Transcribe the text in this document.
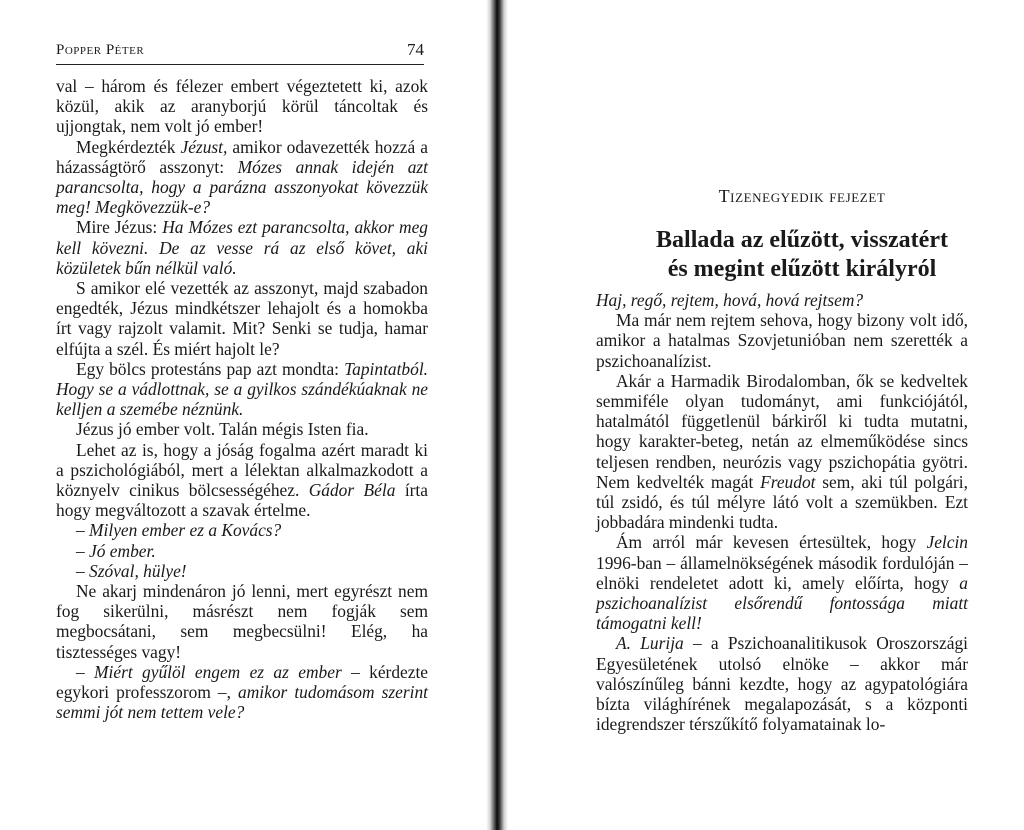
Popper Péter	74

val – három és félezer embert végeztetett ki, azok közül, akik az aranyborjú körül táncoltak és ujjongtak, nem volt jó ember!

Megkérdezték Jézust, amikor odavezették hozzá a házasságtörő asszonyt: Mózes annak idején azt parancsolta, hogy a parázna asszonyokat kövezzük meg! Megkövezzük-e?

Mire Jézus: Ha Mózes ezt parancsolta, akkor meg kell kövezni. De az vesse rá az első követ, aki közületek bűn nélkül való.

S amikor elé vezették az asszonyt, majd szabadon engedték, Jézus mindkétszer lehajolt és a homokba írt vagy rajzolt valamit. Mit? Senki se tudja, hamar elfújta a szél. És miért hajolt le?

Egy bölcs protestáns pap azt mondta: Tapintatból. Hogy se a vádlottnak, se a gyilkos szándékúaknak ne kelljen a szemébe néznünk.

Jézus jó ember volt. Talán mégis Isten fia.

Lehet az is, hogy a jóság fogalma azért maradt ki a pszichológiából, mert a lélektan alkalmazkodott a köznyelv cinikus bölcsességéhez. Gádor Béla írta hogy megváltozott a szavak értelme.

– Milyen ember ez a Kovács?

– Jó ember.

– Szóval, hülye!

Ne akarj mindenáron jó lenni, mert egyrészt nem fog sikerülni, másrészt nem fogják sem megbocsátani, sem megbecsülni! Elég, ha tisztességes vagy!

– Miért gyűlöl engem ez az ember – kérdezte egykori professzorom –, amikor tudomásom szerint semmi jót nem tettem vele?

Tizenegyedik fejezet
Ballada az elűzött, visszatért
és megint elűzött királyról

Haj, regő, rejtem, hová, hová rejtsem?

Ma már nem rejtem sehova, hogy bizony volt idő, amikor a hatalmas Szovjetunióban nem szerették a pszichoanalízist.

Akár a Harmadik Birodalomban, ők se kedveltek semmiféle olyan tudományt, ami funkciójától, hatalmától függetlenül bárkiről ki tudta mutatni, hogy karakter-beteg, netán az elmeműködése sincs teljesen rendben, neurózis vagy pszichopátia gyötri. Nem kedvelték magát Freudot sem, aki túl polgári, túl zsidó, és túl mélyre látó volt a szemükben. Ezt jobbadára mindenki tudta.

Ám arról már kevesen értesültek, hogy Jelcin 1996-ban – államelnökségének második fordulóján – elnöki rendeletet adott ki, amely előírta, hogy a pszichoanalízist elsőrendű fontossága miatt támogatni kell!

A. Lurija – a Pszichoanalitikusok Oroszországi Egyesületének utolsó elnöke – akkor már valószínűleg bánni kezdte, hogy az agypatológiára bízta világhírének megalapozását, s a központi idegrendszer térszűkítő folyamatainak lo-
